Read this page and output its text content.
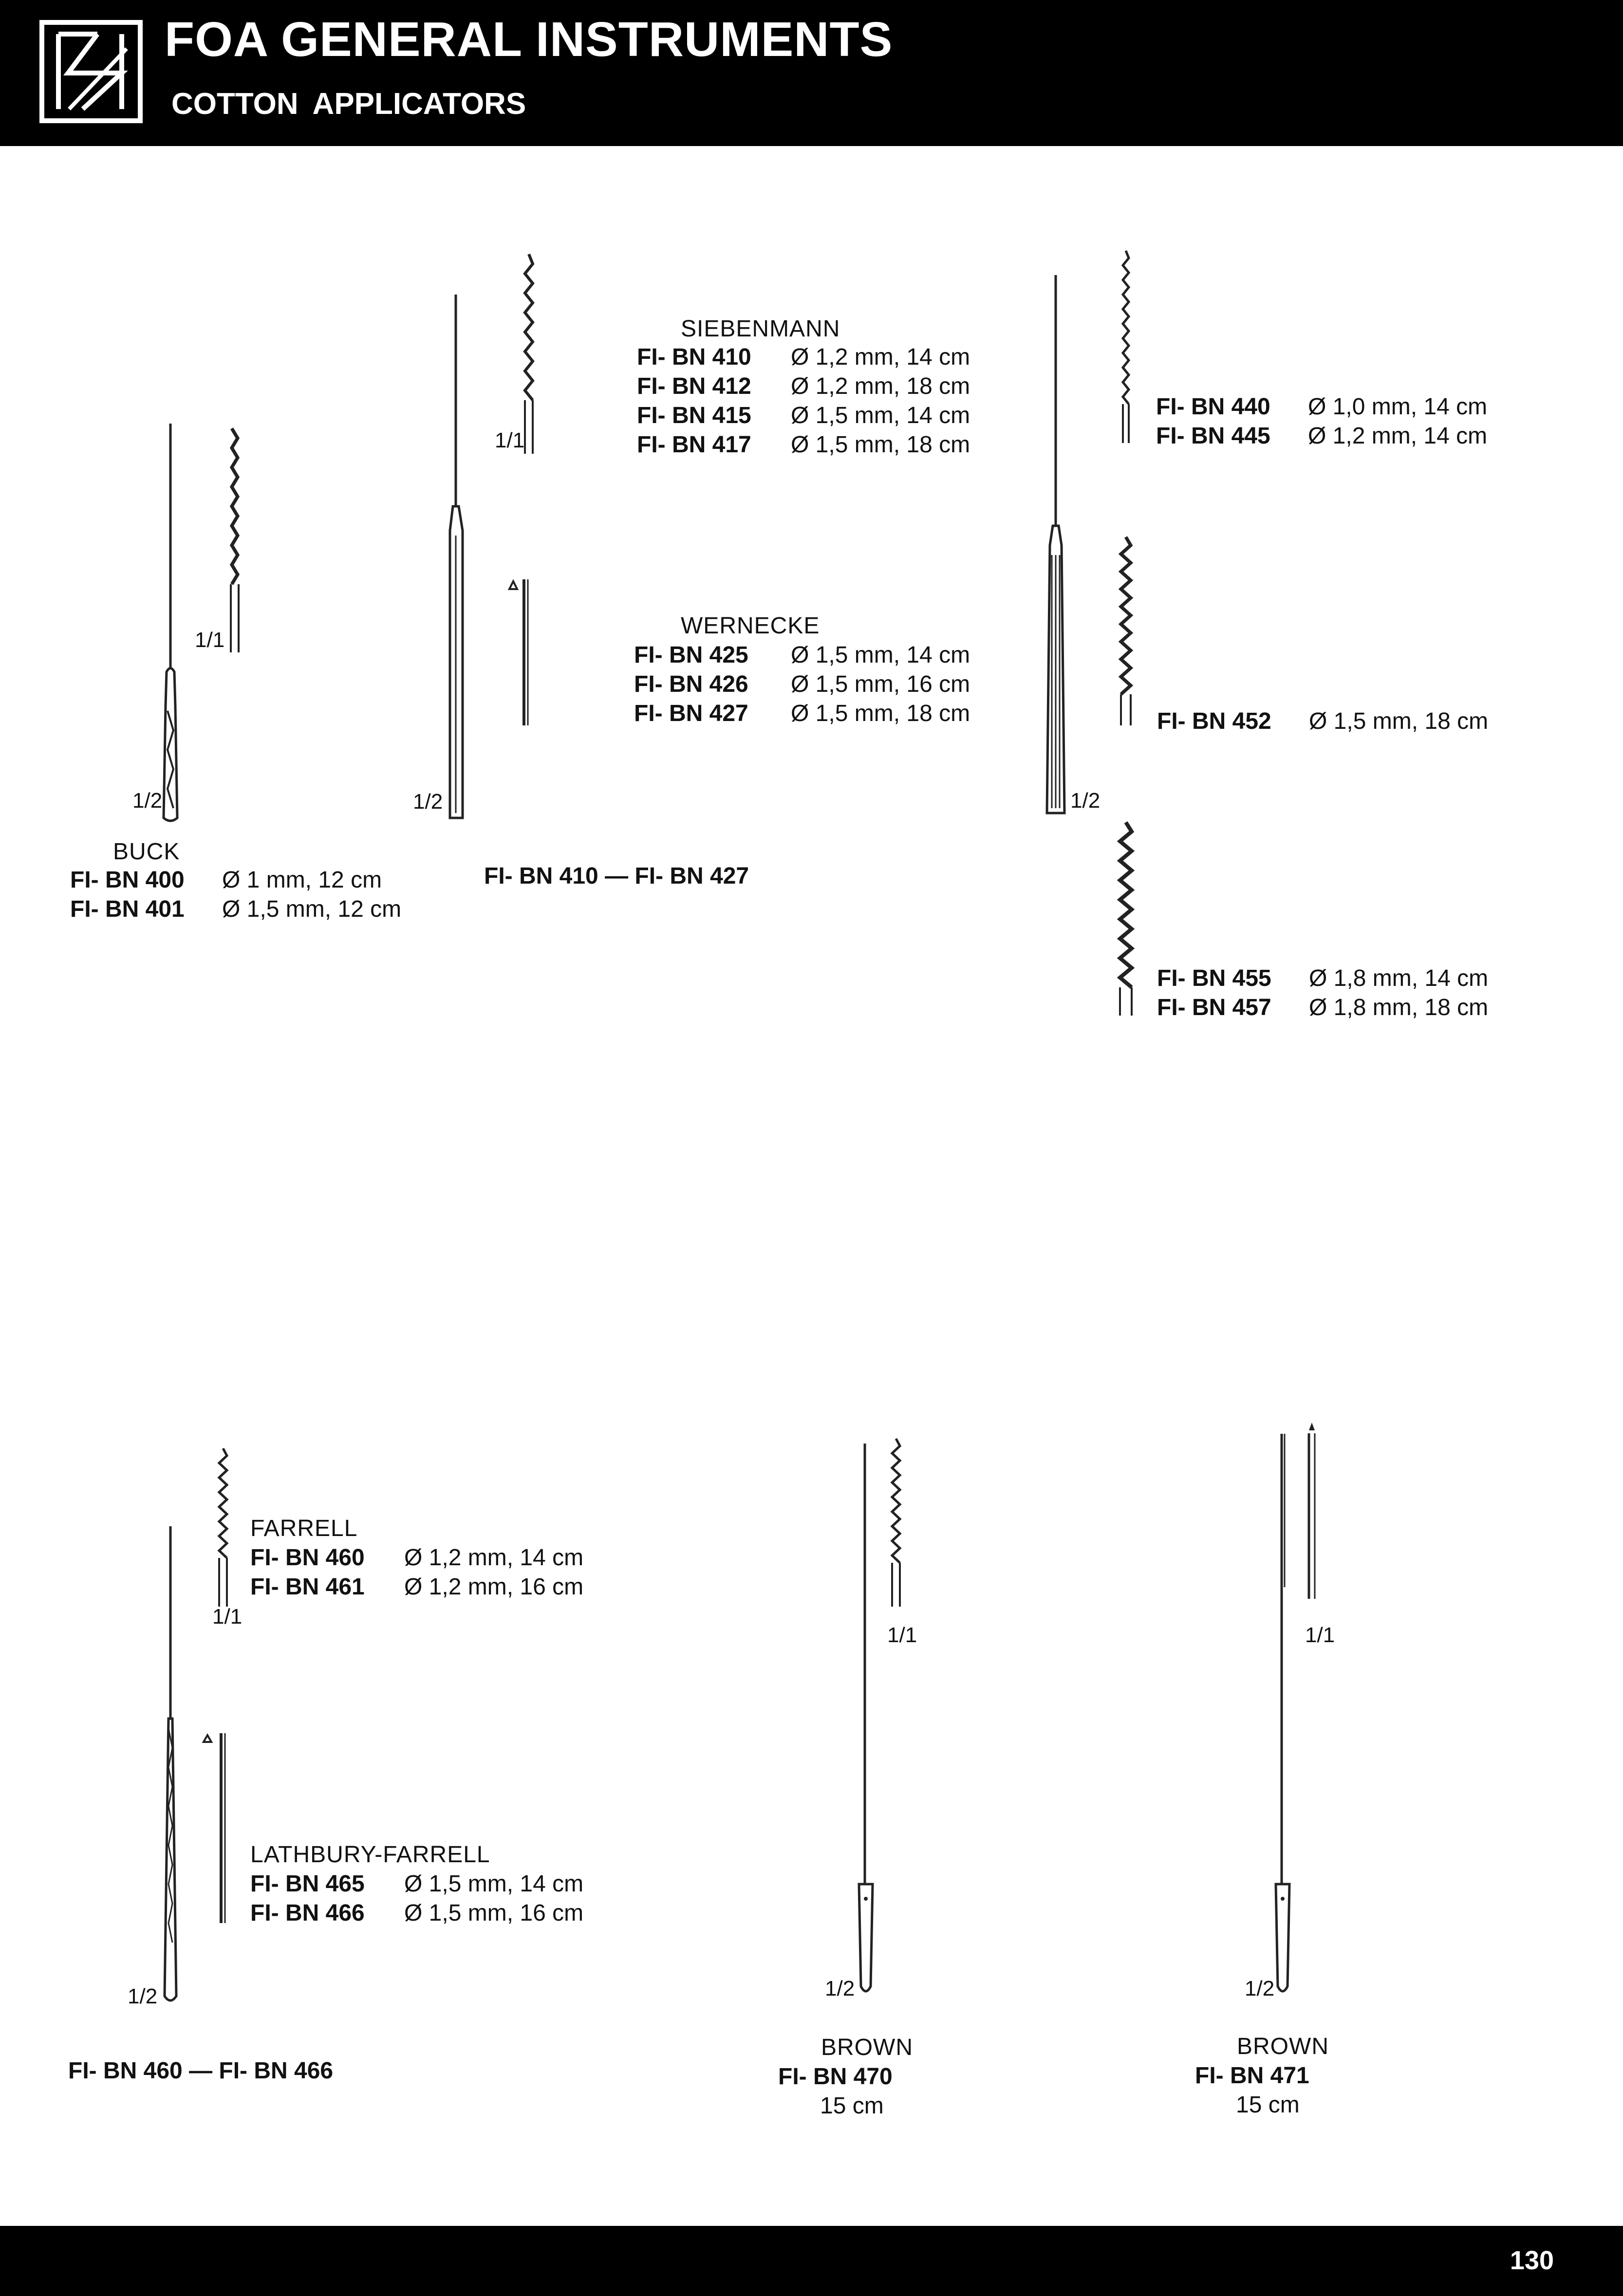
FOA GENERAL INSTRUMENTS
COTTON APPLICATORS
1/1
1/2
BUCK
FI- BN 400 Ø 1 mm, 12 cm
FI- BN 401 Ø 1,5 mm, 12 cm
1/1
1/2
SIEBENMANN
FI- BN 410 Ø 1,2 mm, 14 cm
FI- BN 412 Ø 1,2 mm, 18 cm
FI- BN 415 Ø 1,5 mm, 14 cm
FI- BN 417 Ø 1,5 mm, 18 cm
WERNECKE
FI- BN 425 Ø 1,5 mm, 14 cm
FI- BN 426 Ø 1,5 mm, 16 cm
FI- BN 427 Ø 1,5 mm, 18 cm
FI- BN 410 — FI- BN 427
1/2
FI- BN 440 Ø 1,0 mm, 14 cm
FI- BN 445 Ø 1,2 mm, 14 cm
FI- BN 452 Ø 1,5 mm, 18 cm
FI- BN 455 Ø 1,8 mm, 14 cm
FI- BN 457 Ø 1,8 mm, 18 cm
1/1
1/2
FARRELL
FI- BN 460 Ø 1,2 mm, 14 cm
FI- BN 461 Ø 1,2 mm, 16 cm
LATHBURY-FARRELL
FI- BN 465 Ø 1,5 mm, 14 cm
FI- BN 466 Ø 1,5 mm, 16 cm
FI- BN 460 — FI- BN 466
1/1
1/2
BROWN
FI- BN 470
15 cm
1/1
1/2
BROWN
FI- BN 471
15 cm
130
